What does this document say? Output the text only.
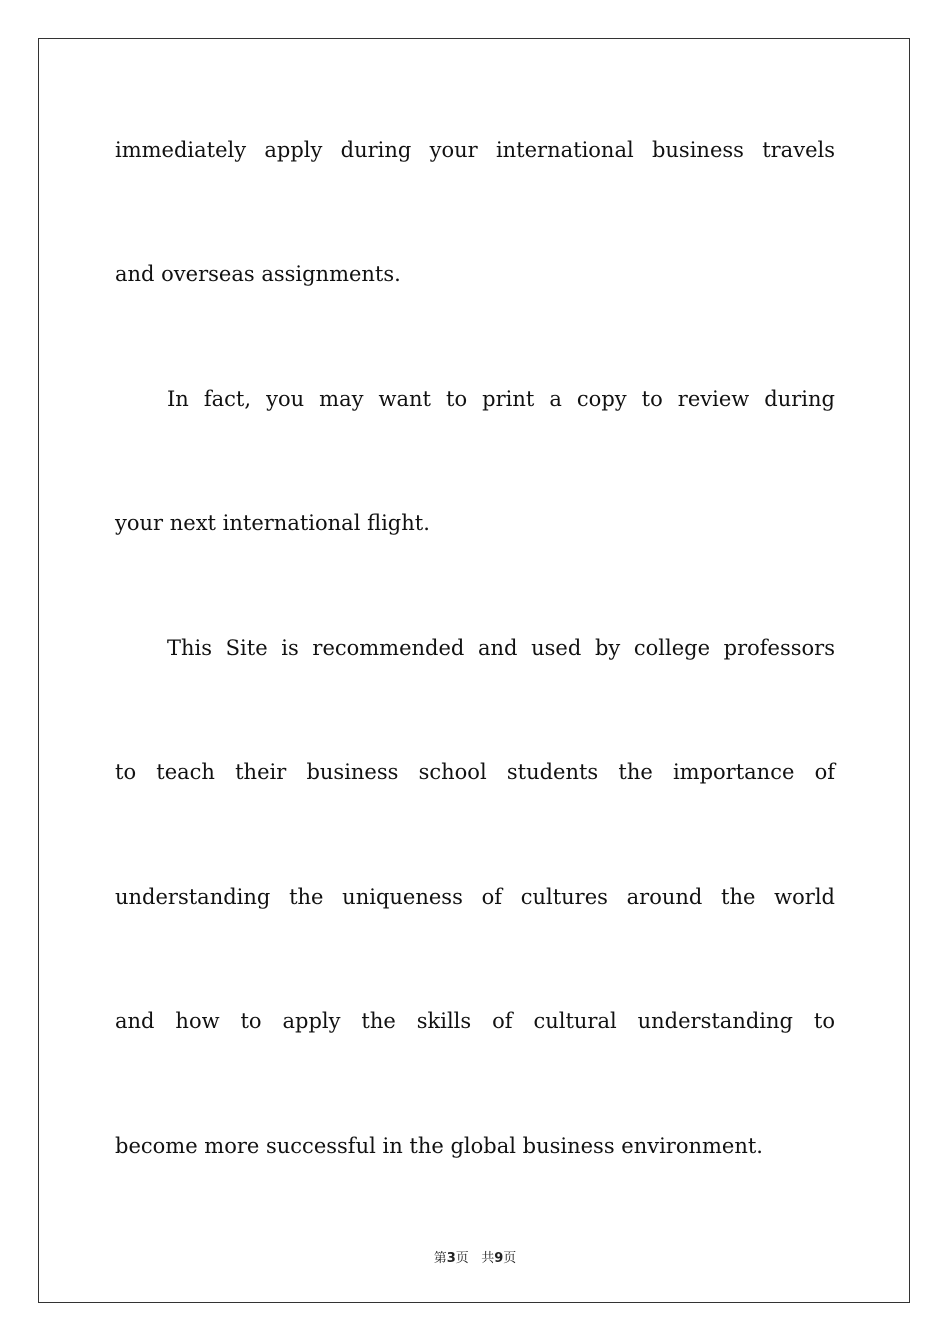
immediately apply during your international business travels
and overseas assignments.
In fact, you may want to print a copy to review during
your next international flight.
This Site is recommended and used by college professors
to teach their business school students the importance of
understanding the uniqueness of cultures around the world
and how to apply the skills of cultural understanding to
become more successful in the global business environment.
第3页 共9页
